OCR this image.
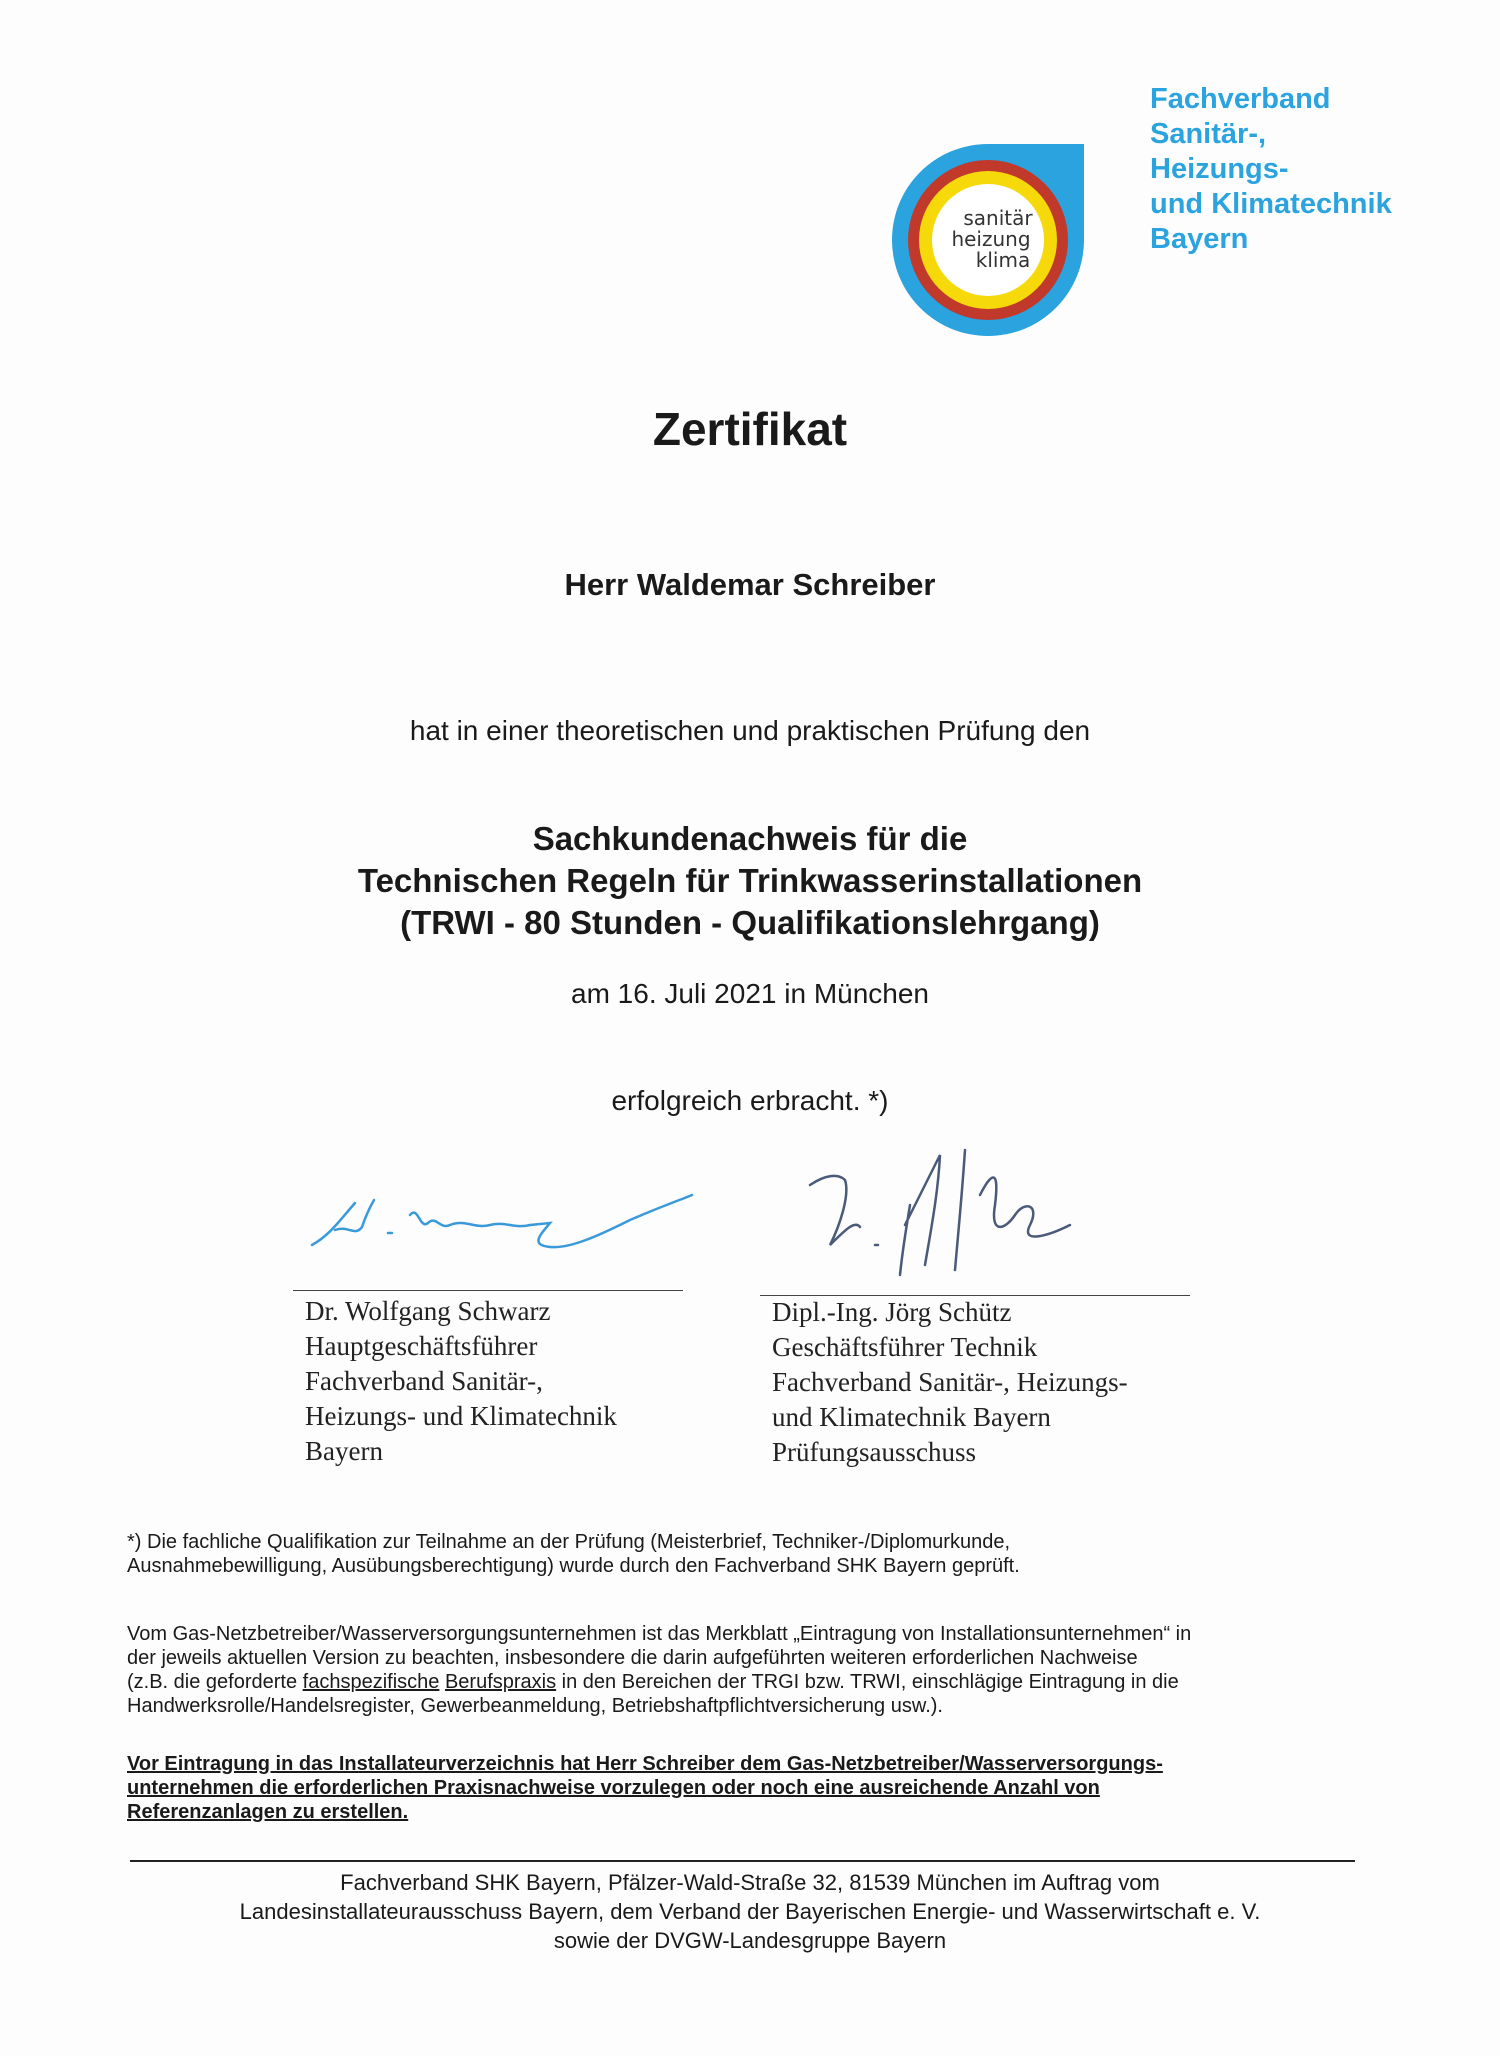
sanitär
heizung
klima
Fachverband
Sanitär-,
Heizungs-
und Klimatechnik
Bayern
Zertifikat
Herr Waldemar Schreiber
hat in einer theoretischen und praktischen Prüfung den
Sachkundenachweis für die
Technischen Regeln für Trinkwasserinstallationen
(TRWI - 80 Stunden - Qualifikationslehrgang)
am 16. Juli 2021 in München
erfolgreich erbracht. *)
Dr. Wolfgang Schwarz
Hauptgeschäftsführer
Fachverband Sanitär-,
Heizungs- und Klimatechnik
Bayern
Dipl.-Ing. Jörg Schütz
Geschäftsführer Technik
Fachverband Sanitär-, Heizungs-
und Klimatechnik Bayern
Prüfungsausschuss
*) Die fachliche Qualifikation zur Teilnahme an der Prüfung (Meisterbrief, Techniker-/Diplomurkunde,
Ausnahmebewilligung, Ausübungsberechtigung) wurde durch den Fachverband SHK Bayern geprüft.
Vom Gas-Netzbetreiber/Wasserversorgungsunternehmen ist das Merkblatt „Eintragung von Installationsunternehmen“ in
der jeweils aktuellen Version zu beachten, insbesondere die darin aufgeführten weiteren erforderlichen Nachweise
(z.B. die geforderte fachspezifische Berufspraxis in den Bereichen der TRGI bzw. TRWI, einschlägige Eintragung in die
Handwerksrolle/Handelsregister, Gewerbeanmeldung, Betriebshaftpflichtversicherung usw.).
Vor Eintragung in das Installateurverzeichnis hat Herr Schreiber dem Gas-Netzbetreiber/Wasserversorgungs-
unternehmen die erforderlichen Praxisnachweise vorzulegen oder noch eine ausreichende Anzahl von
Referenzanlagen zu erstellen.
Fachverband SHK Bayern, Pfälzer-Wald-Straße 32, 81539 München im Auftrag vom
Landesinstallateurausschuss Bayern, dem Verband der Bayerischen Energie- und Wasserwirtschaft e. V.
sowie der DVGW-Landesgruppe Bayern
